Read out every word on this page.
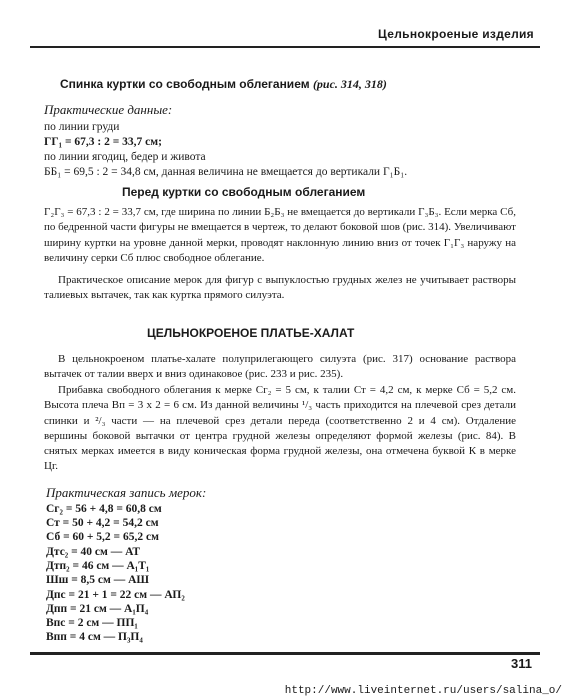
Цельнокроеные изделия
Спинка куртки со свободным облеганием (рис. 314, 318)
Практические данные:
по линии груди
ГГ₁ = 67,3 : 2 = 33,7 см;
по линии ягодиц, бедер и живота
ББ₁ = 69,5 : 2 = 34,8 см, данная величина не вмещается до вертикали Г₁Б₁.
Перед куртки со свободным облеганием

Г₂Г₃ = 67,3 : 2 = 33,7 см, где ширина по линии Б₂Б₃ не вмещается до вертикали Г₃Б₃. Если мерка Сб, по бедренной части фигуры не вмещается в чертеж, то делают боковой шов (рис. 314). Увеличивают ширину куртки на уровне данной мерки, проводят наклонную линию вниз от точек Г₁Г₃ наружу на величину серки Сб плюс свободное облегание.

Практическое описание мерок для фигур с выпуклостью грудных желез не учитывает растворы талиевых вытачек, так как куртка прямого силуэта.

ЦЕЛЬНОКРОЕНОЕ ПЛАТЬЕ-ХАЛАТ

В цельнокроеном платье-халате полуприлегающего силуэта (рис. 317) основание раствора вытачек от талии вверх и вниз одинаковое (рис. 233 и рис. 235).

Прибавка свободного облегания к мерке Сг₂ = 5 см, к талии Ст = 4,2 см, к мерке Сб = 5,2 см. Высота плеча Вп = 3 х 2 = 6 см. Из данной величины ¹/₃ часть приходится на плечевой срез детали спинки и ²/₃ части — на плечевой срез детали переда (соответственно 2 и 4 см). Отдаление вершины боковой вытачки от центра грудной железы определяют формой железы (рис. 84). В снятых мерках имеется в виду коническая форма грудной железы, она отмечена буквой К в мерке Цг.

Практическая запись мерок:
Сг₂ = 56 + 4,8 = 60,8 см
Ст = 50 + 4,2 = 54,2 см
Сб = 60 + 5,2 = 65,2 см
Дтс₂ = 40 см — АТ
Дтп₂ = 46 см — А₁Т₁
Шш = 8,5 см — АШ
Дпс = 21 + 1 = 22 см — АП₂
Дпп = 21 см — А₁П₄
Впс = 2 см — ПП₁
Впп = 4 см — П₃П₄
311
http://www.liveinternet.ru/users/salina_o/
